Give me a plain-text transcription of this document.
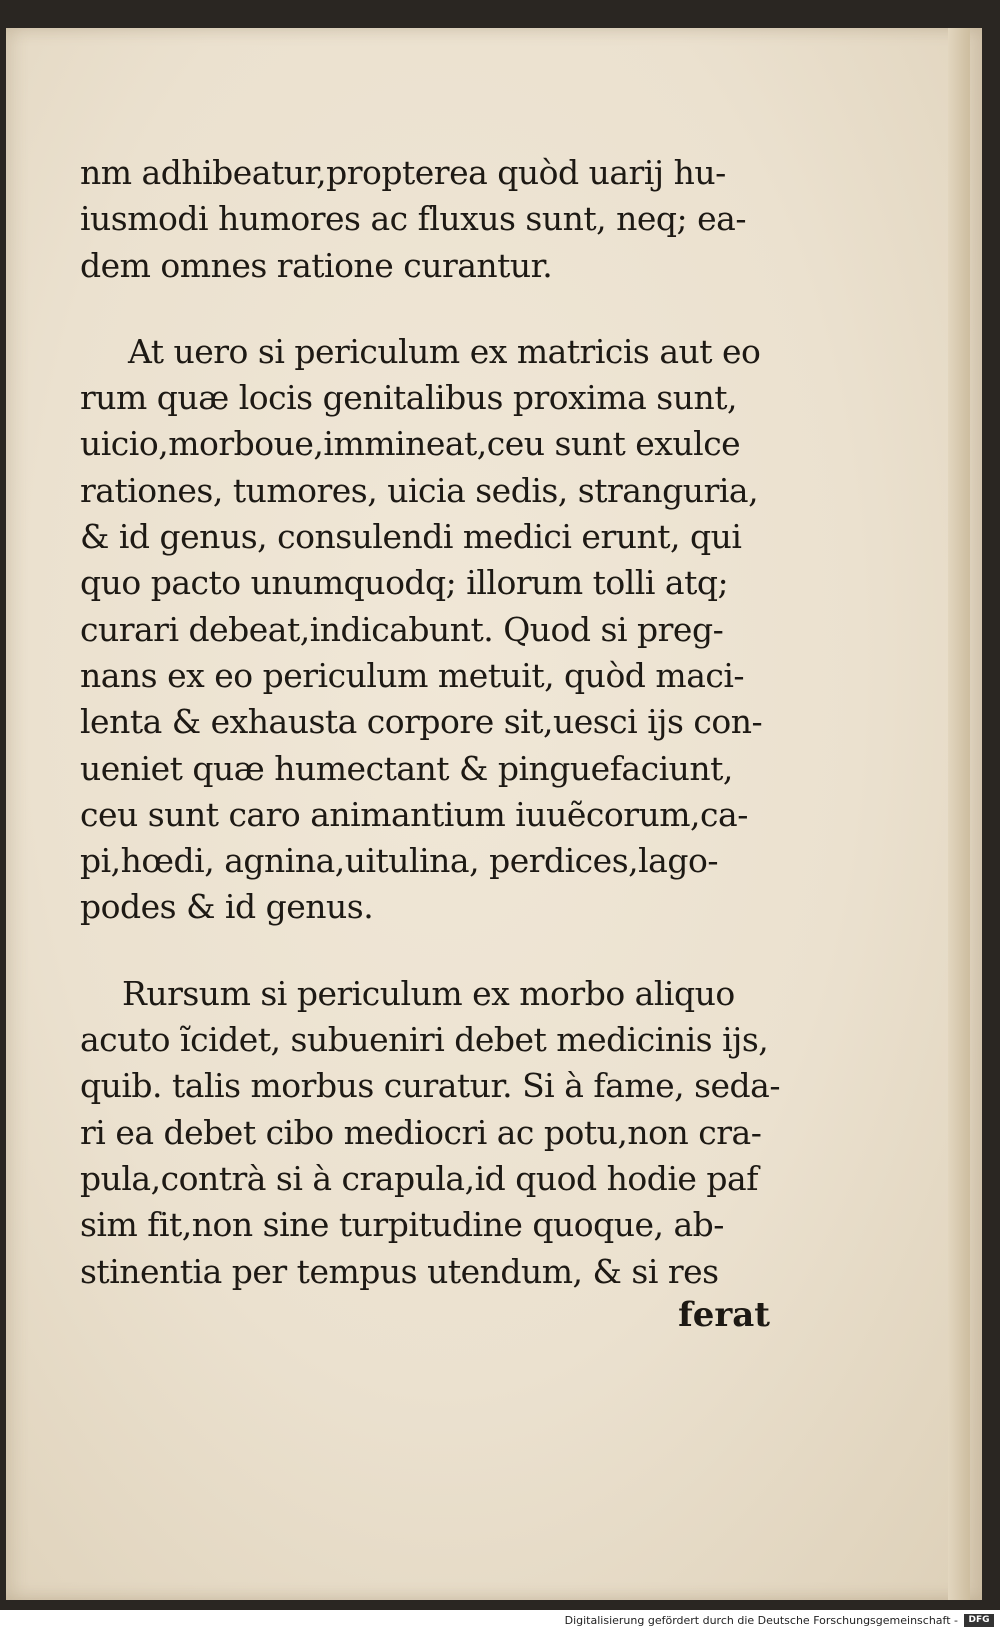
nm adhibeatur,propterea quòd uarij hu-
iusmodi humores ac fluxus sunt, neq; ea-
dem omnes ratione curantur.
At uero si periculum ex matricis aut eo
rum quæ locis genitalibus proxima sunt,
uicio,morboue,immineat,ceu sunt exulce
rationes, tumores, uicia sedis, stranguria,
& id genus, consulendi medici erunt, qui
quo pacto unumquodq; illorum tolli atq;
curari debeat,indicabunt. Quod si preg-
nans ex eo periculum metuit, quòd maci-
lenta & exhausta corpore sit,uesci ijs con-
ueniet quæ humectant & pinguefaciunt,
ceu sunt caro animantium iuuẽcorum,ca-
pi,hœdi, agnina,uitulina, perdices,lago-
podes & id genus.
Rursum si periculum ex morbo aliquo
acuto ĩcidet, subueniri debet medicinis ijs,
quib. talis morbus curatur. Si à fame, seda-
ri ea debet cibo mediocri ac potu,non cra-
pula,contrà si à crapula,id quod hodie paf
sim fit,non sine turpitudine quoque, ab-
stinentia per tempus utendum, & si res
ferat
Digitalisierung gefördert durch die Deutsche Forschungsgemeinschaft -	DFG
